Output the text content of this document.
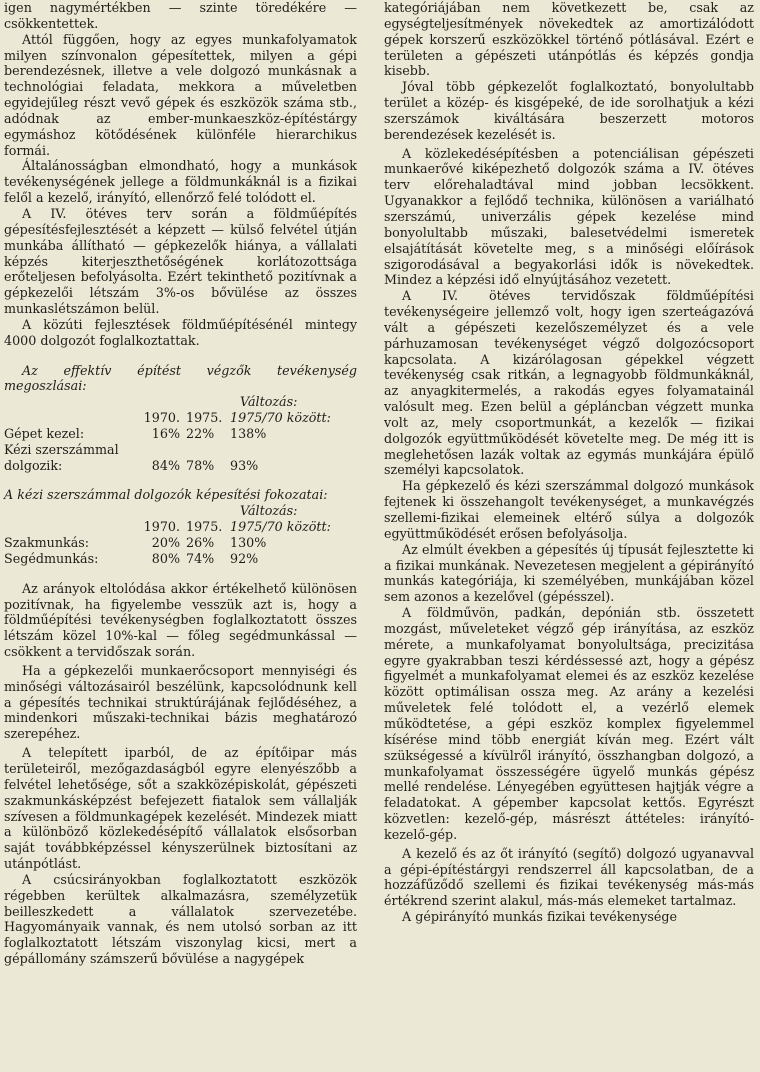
igen nagymértékben — szinte töredékére — csökkentettek.

Attól függően, hogy az egyes munkafolyamatok milyen színvonalon gépesítettek, milyen a gépi berendezésnek, illetve a vele dolgozó munkásnak a technológiai feladata, mekkora a műveletben egyidejűleg részt vevő gépek és eszközök száma stb., adódnak az ember-munkaeszköz-építéstárgy egymáshoz kötődésének különféle hierarchikus formái.

Általánosságban elmondható, hogy a munkások tevékenységének jellege a földmunkáknál is a fizikai felől a kezelő, irányító, ellenőrző felé tolódott el.

A IV. ötéves terv során a földműépítés gépesítésfejlesztését a képzett — külső felvétel útján munkába állítható — gépkezelők hiánya, a vállalati képzés kiterjeszthetőségének korlátozottsága erőteljesen befolyásolta. Ezért tekinthető pozitívnak a gépkezelői létszám 3%-os bővülése az összes munkaslétszámon belül.

A közúti fejlesztések földműépítésénél mintegy 4000 dolgozót foglalkoztattak.

Az effektív építést végzők tevékenység megoszlásai:

Változás:
	1970.	1975.	1975/70 között:
Gépet kezel:	16%	22%	138%
Kézi szerszámmal dolgozik:	84%	78%	93%

A kézi szerszámmal dolgozók képesítési fokozatai:

Változás:
	1970.	1975.	1975/70 között:
Szakmunkás:	20%	26%	130%
Segédmunkás:	80%	74%	92%

Az arányok eltolódása akkor értékelhető különösen pozitívnak, ha figyelembe vesszük azt is, hogy a földműépítési tevékenységben foglalkoztatott összes létszám közel 10%-kal — főleg segédmunkással — csökkent a tervidőszak során.

Ha a gépkezelői munkaerőcsoport mennyiségi és minőségi változásairól beszélünk, kapcsolódnunk kell a gépesítés technikai struktúrájának fejlődéséhez, a mindenkori műszaki-technikai bázis meghatározó szerepéhez.

A telepített iparból, de az építőipar más területeiről, mezőgazdaságból egyre elenyészőbb a felvétel lehetősége, sőt a szakközépiskolát, gépészeti szakmunkásképzést befejezett fiatalok sem vállalják szívesen a földmunkagépek kezelését. Mindezek miatt a különböző közlekedésépítő vállalatok elsősorban saját továbbképzéssel kényszerülnek biztosítani az utánpótlást.

A csúcsirányokban foglalkoztatott eszközök régebben kerültek alkalmazásra, személyzetük beilleszkedett a vállalatok szervezetébe. Hagyományaik vannak, és nem utolsó sorban az itt foglalkoztatott létszám viszonylag kicsi, mert a gépállomány számszerű bővülése a nagygépek

kategóriájában nem következett be, csak az egységteljesítmények növekedtek az amortizálódott gépek korszerű eszközökkel történő pótlásával. Ezért e területen a gépészeti utánpótlás és képzés gondja kisebb.

Jóval több gépkezelőt foglalkoztató, bonyolultabb terület a közép- és kisgépeké, de ide sorolhatjuk a kézi szerszámok kiváltására beszerzett motoros berendezések kezelését is.

A közlekedésépítésben a potenciálisan gépészeti munkaerővé kiképezhető dolgozók száma a IV. ötéves terv előrehaladtával mind jobban lecsökkent. Ugyanakkor a fejlődő technika, különösen a variálható szerszámú, univerzális gépek kezelése mind bonyolultabb műszaki, balesetvédelmi ismeretek elsajátítását követelte meg, s a minőségi előírások szigorodásával a begyakorlási idők is növekedtek. Mindez a képzési idő elnyújtásához vezetett.

A IV. ötéves tervidőszak földműépítési tevékenységeire jellemző volt, hogy igen szerteágazóvá vált a gépészeti kezelőszemélyzet és a vele párhuzamosan tevékenységet végző dolgozócsoport kapcsolata. A kizárólagosan gépekkel végzett tevékenység csak ritkán, a legnagyobb földmunkáknál, az anyagkitermelés, a rakodás egyes folyamatainál valósult meg. Ezen belül a gépláncban végzett munka volt az, mely csoportmunkát, a kezelők — fizikai dolgozók együttműködését követelte meg. De még itt is meglehetősen lazák voltak az egymás munkájára épülő személyi kapcsolatok.

Ha gépkezelő és kézi szerszámmal dolgozó munkások fejtenek ki összehangolt tevékenységet, a munkavégzés szellemi-fizikai elemeinek eltérő súlya a dolgozók együttműködését erősen befolyásolja.

Az elmúlt években a gépesítés új típusát fejlesztette ki a fizikai munkának. Nevezetesen megjelent a gépirányító munkás kategóriája, ki személyében, munkájában közel sem azonos a kezelővel (gépésszel).

A földművön, padkán, depónián stb. összetett mozgást, műveleteket végző gép irányítása, az eszköz mérete, a munkafolyamat bonyolultsága, precizitása egyre gyakrabban teszi kérdéssessé azt, hogy a gépész figyelmét a munkafolyamat elemei és az eszköz kezelése között optimálisan ossza meg. Az arány a kezelési műveletek felé tolódott el, a vezérlő elemek működtetése, a gépi eszköz komplex figyelemmel kísérése mind több energiát kíván meg. Ezért vált szükségessé a kívülről irányító, összhangban dolgozó, a munkafolyamat összességére ügyelő munkás gépész mellé rendelése. Lényegében együttesen hajtják végre a feladatokat. A gépember kapcsolat kettős. Egyrészt közvetlen: kezelő-gép, másrészt áttételes: irányító-kezelő-gép.

A kezelő és az őt irányító (segítő) dolgozó ugyanavval a gépi-építéstárgyi rendszerrel áll kapcsolatban, de a hozzáfűződő szellemi és fizikai tevékenység más-más értékrend szerint alakul, más-más elemeket tartalmaz.

A gépirányító munkás fizikai tevékenysége
